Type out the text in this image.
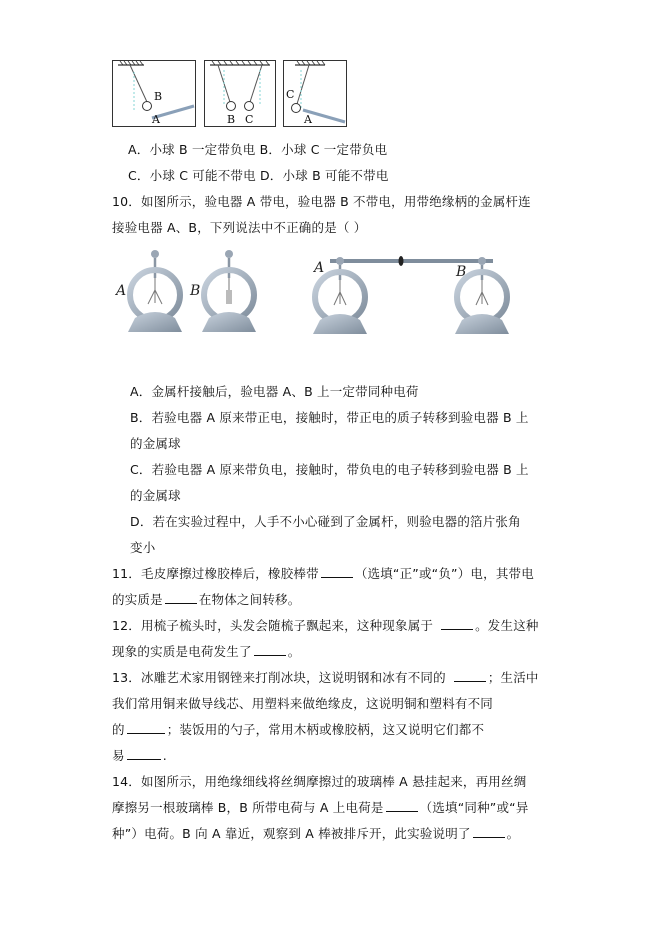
B
A	B C
C
A
A．小球 B 一定带负电 B．小球 C 一定带负电
C．小球 C 可能不带电 D．小球 B 可能不带电
10．如图所示，验电器 A 带电，验电器 B 不带电，用带绝缘柄的金属杆连
接验电器 A、B，下列说法中不正确的是（ ）
A	B
A	B
A．金属杆接触后，验电器 A、B 上一定带同种电荷
B．若验电器 A 原来带正电，接触时，带正电的质子转移到验电器 B 上
的金属球
C．若验电器 A 原来带负电，接触时，带负电的电子转移到验电器 B 上
的金属球
D．若在实验过程中，人手不小心碰到了金属杆，则验电器的箔片张角
变小
11．毛皮摩擦过橡胶棒后，橡胶棒带	（选填“正”或“负”）电，其带电
的实质是	在物体之间转移。
12．用梳子梳头时，头发会随梳子飘起来，这种现象属于	。发生这种
现象的实质是电荷发生了	。
13．冰雕艺术家用钢锉来打削冰块，这说明钢和冰有不同的	；生活中
我们常用铜来做导线芯、用塑料来做绝缘皮，这说明铜和塑料有不同
的	；装饭用的勺子，常用木柄或橡胶柄，这又说明它们都不
易	.
14．如图所示，用绝缘细线将丝绸摩擦过的玻璃棒 A 悬挂起来，再用丝绸
摩擦另一根玻璃棒 B，B 所带电荷与 A 上电荷是	（选填“同种”或“异
种”）电荷。B 向 A 靠近，观察到 A 棒被排斥开，此实验说明了	。
